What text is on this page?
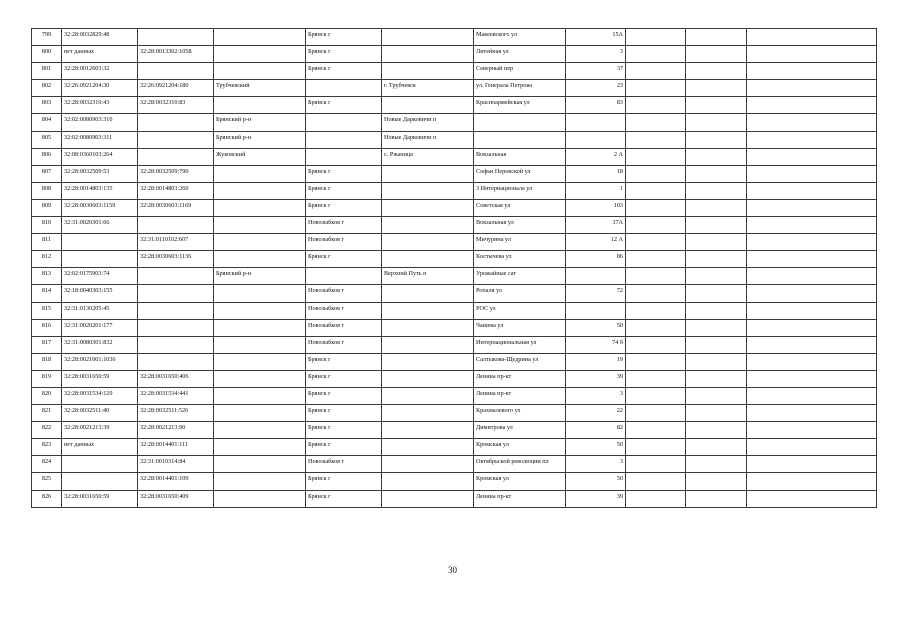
799	32:28:0032829:48			Брянск г		Макеевского ул	15А			
800	нет данных	32:28:0013302:1058		Брянск г		Литейная ул	3			
801	32:28:0012603:32			Брянск г		Северный пер	37			
802	32:26:0921204:30	32:26:0921204:180	Трубчевский		г. Трубчевск	ул. Генерала Петрова	23			
803	32:28:0032310:43	32:28:0032310:83		Брянск г		Красноармейская ул	83			
804	32:02:0080903:310		Брянский р-н		Новые Дарковичи п					
805	32:02:0080903:311		Брянский р-н		Новые Дарковичи п					
806	32:08:0360103:264		Жуковский		с. Ржаница	Вокзальная	2 А			
807	32:28:0032509:53	32:28:0032509:790		Брянск г		Софьи Перовской ул	18			
808	32:28:0014803:135	32:28:0014803:260		Брянск г		3 Интернационала ул	1			
809	32:28:0030603:1159	32:28:0030603:1169		Брянск г		Советская ул	103			
810	32:31:0020301:66			Новозыбков г		Вокзальная ул	37А			
811		32:31:0110102:607		Новозыбков г		Мичурина ул	12 А			
812		32:28:0030603:1136		Брянск г		Костычева ул	86			
813	32:02:0175903:74		Брянский р-н		Верхний Путь п	Урожайные сат				
814	32:18:0040303:155			Новозыбков г		Ропаля ул	72			
815	32:31:0130205:45			Новозыбков г		РОС ул				
816	32:31:0020201:177			Новозыбков г		Чашева ул	50			
817	32:31:0080301:832			Новозыбков г		Интернациональная ул	74 б			
818	32:28:0021001:1036			Брянск г		Салтыкова-Щедрина ул	19			
819	32:28:0031650:59	32:28:0031650:406		Брянск г		Ленина пр-кт	39			
820	32:28:0031534:129	32:28:0031534:441		Брянск г		Ленина пр-кт	3			
821	32:28:0032511:40	32:28:0032511:526		Брянск г		Крахмалевого ул	22			
822	32:28:0021213:39	32:28:0021213:90		Брянск г		Димитрова ул	82			
823	нет данных	32:28:0014401:111		Брянск г		Кромская ул	50			
824		32:31:0010314:84		Новозыбков г		Октябрьской революции пл	3			
825		32:28:0014401:109		Брянск г		Кромская ул	50			
826	32:28:0031650:59	32:28:0031650:409		Брянск г		Ленина пр-кт	39			
30
